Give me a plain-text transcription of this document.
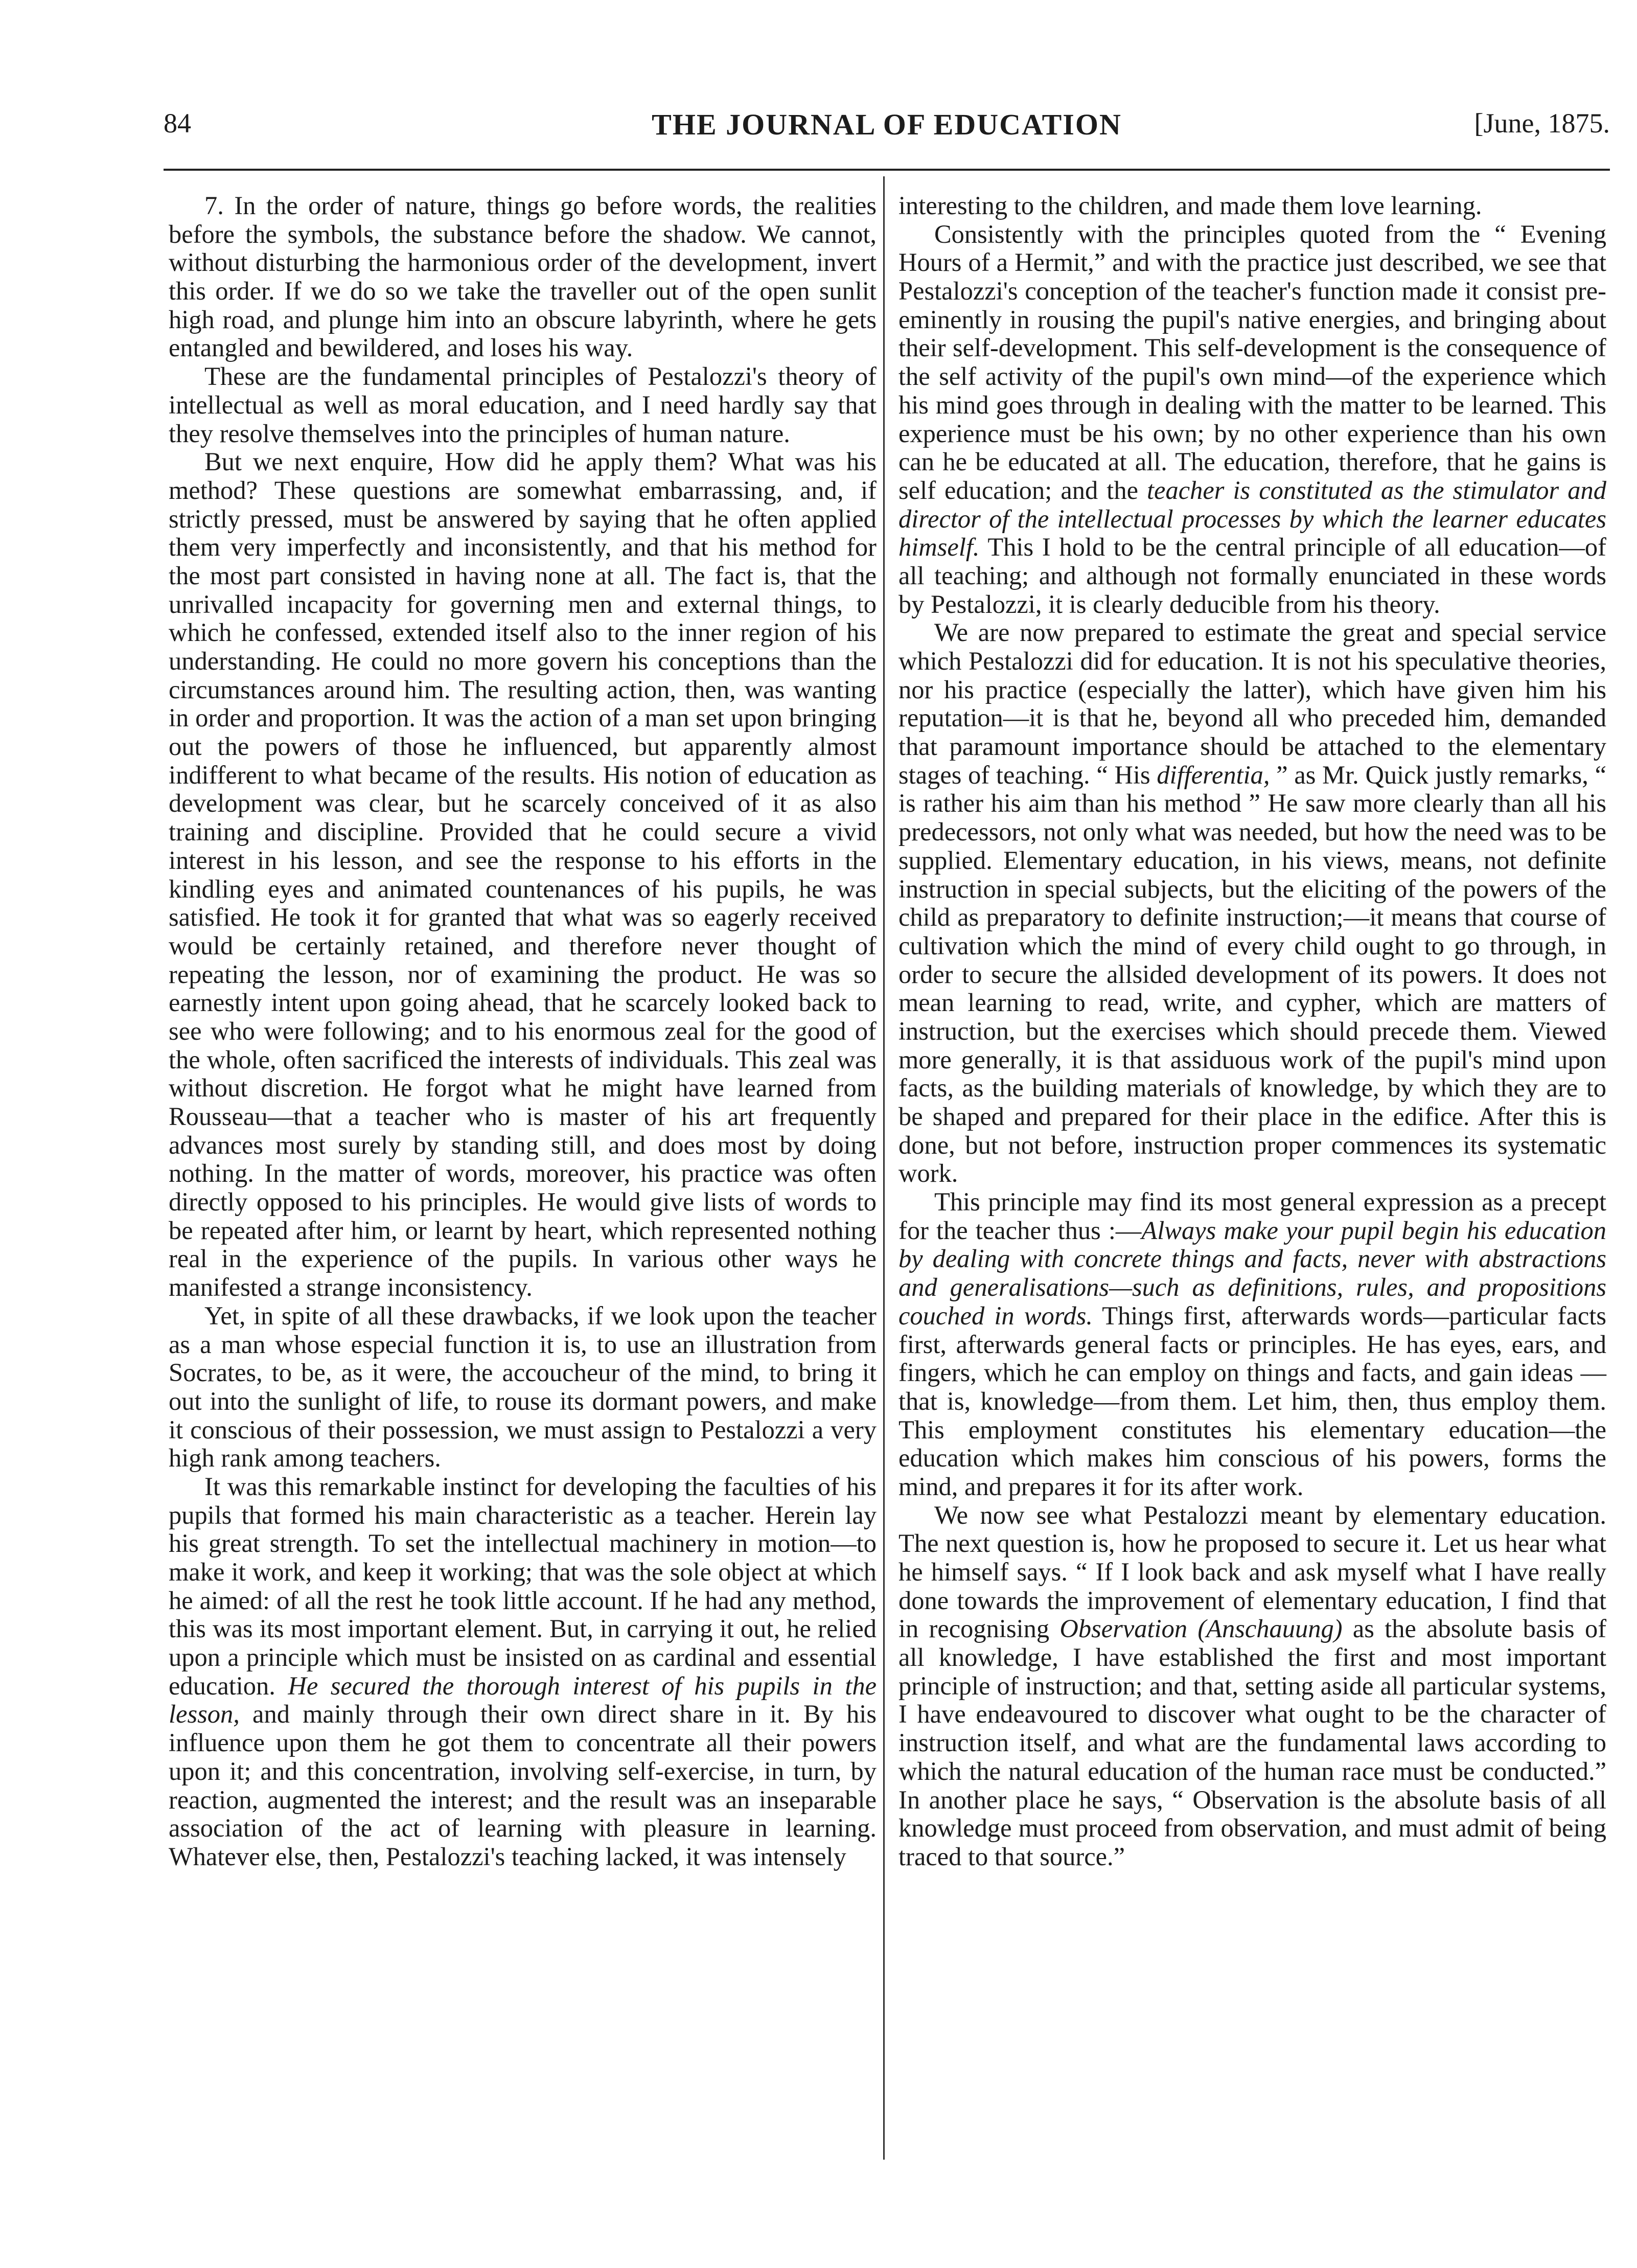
84	THE JOURNAL OF EDUCATION	[June, 1875.

7. In the order of nature, things go before words, the realities before the symbols, the substance before the shadow. We cannot, without disturbing the harmonious order of the development, invert this order. If we do so we take the traveller out of the open sunlit high road, and plunge him into an obscure labyrinth, where he gets entangled and bewildered, and loses his way.

These are the fundamental principles of Pestalozzi's theory of intellectual as well as moral education, and I need hardly say that they resolve themselves into the principles of human nature.

But we next enquire, How did he apply them? What was his method? These questions are somewhat embarrassing, and, if strictly pressed, must be answered by saying that he often applied them very imperfectly and inconsistently, and that his method for the most part consisted in having none at all. The fact is, that the unrivalled incapacity for governing men and external things, to which he confessed, extended itself also to the inner region of his understanding. He could no more govern his conceptions than the circumstances around him. The resulting action, then, was wanting in order and proportion. It was the action of a man set upon bringing out the powers of those he influenced, but apparently almost indifferent to what became of the results. His notion of education as development was clear, but he scarcely conceived of it as also training and discipline. Provided that he could secure a vivid interest in his lesson, and see the response to his efforts in the kindling eyes and animated countenances of his pupils, he was satisfied. He took it for granted that what was so eagerly received would be certainly retained, and therefore never thought of repeating the lesson, nor of examining the product. He was so earnestly intent upon going ahead, that he scarcely looked back to see who were following; and to his enormous zeal for the good of the whole, often sacrificed the interests of individuals. This zeal was without discretion. He forgot what he might have learned from Rousseau—that a teacher who is master of his art frequently advances most surely by standing still, and does most by doing nothing. In the matter of words, moreover, his practice was often directly opposed to his principles. He would give lists of words to be repeated after him, or learnt by heart, which represented nothing real in the experience of the pupils. In various other ways he manifested a strange inconsistency.

Yet, in spite of all these drawbacks, if we look upon the teacher as a man whose especial function it is, to use an illustration from Socrates, to be, as it were, the accoucheur of the mind, to bring it out into the sunlight of life, to rouse its dormant powers, and make it conscious of their possession, we must assign to Pestalozzi a very high rank among teachers.

It was this remarkable instinct for developing the faculties of his pupils that formed his main characteristic as a teacher. Herein lay his great strength. To set the intellectual machinery in motion—to make it work, and keep it working; that was the sole object at which he aimed: of all the rest he took little account. If he had any method, this was its most important element. But, in carrying it out, he relied upon a principle which must be insisted on as cardinal and essential education. He secured the thorough interest of his pupils in the lesson, and mainly through their own direct share in it. By his influence upon them he got them to concentrate all their powers upon it; and this concentration, involving self-exercise, in turn, by reaction, augmented the interest; and the result was an inseparable association of the act of learning with pleasure in learning. Whatever else, then, Pestalozzi's teaching lacked, it was intensely

interesting to the children, and made them love learning.

Consistently with the principles quoted from the “ Evening Hours of a Hermit,” and with the practice just described, we see that Pestalozzi's conception of the teacher's function made it consist pre-eminently in rousing the pupil's native energies, and bringing about their self-development. This self-development is the consequence of the self activity of the pupil's own mind—of the experience which his mind goes through in dealing with the matter to be learned. This experience must be his own; by no other experience than his own can he be educated at all. The education, therefore, that he gains is self education; and the teacher is constituted as the stimulator and director of the intellectual processes by which the learner educates himself. This I hold to be the central principle of all education—of all teaching; and although not formally enunciated in these words by Pestalozzi, it is clearly deducible from his theory.

We are now prepared to estimate the great and special service which Pestalozzi did for education. It is not his speculative theories, nor his practice (especially the latter), which have given him his reputation—it is that he, beyond all who preceded him, demanded that paramount importance should be attached to the elementary stages of teaching. “ His differentia, ” as Mr. Quick justly remarks, “ is rather his aim than his method ” He saw more clearly than all his predecessors, not only what was needed, but how the need was to be supplied. Elementary education, in his views, means, not definite instruction in special subjects, but the eliciting of the powers of the child as preparatory to definite instruction;—it means that course of cultivation which the mind of every child ought to go through, in order to secure the allsided development of its powers. It does not mean learning to read, write, and cypher, which are matters of instruction, but the exercises which should precede them. Viewed more generally, it is that assiduous work of the pupil's mind upon facts, as the building materials of knowledge, by which they are to be shaped and prepared for their place in the edifice. After this is done, but not before, instruction proper commences its systematic work.

This principle may find its most general expression as a precept for the teacher thus :—Always make your pupil begin his education by dealing with concrete things and facts, never with abstractions and generalisations—such as definitions, rules, and propositions couched in words. Things first, afterwards words—particular facts first, afterwards general facts or principles. He has eyes, ears, and fingers, which he can employ on things and facts, and gain ideas —that is, knowledge—from them. Let him, then, thus employ them. This employment constitutes his elementary education—the education which makes him conscious of his powers, forms the mind, and prepares it for its after work.

We now see what Pestalozzi meant by elementary education. The next question is, how he proposed to secure it. Let us hear what he himself says. “ If I look back and ask myself what I have really done towards the improvement of elementary education, I find that in recognising Observation (Anschauung) as the absolute basis of all knowledge, I have established the first and most important principle of instruction; and that, setting aside all particular systems, I have endeavoured to discover what ought to be the character of instruction itself, and what are the fundamental laws according to which the natural education of the human race must be conducted.” In another place he says, “ Observation is the absolute basis of all knowledge must proceed from observation, and must admit of being traced to that source.”
